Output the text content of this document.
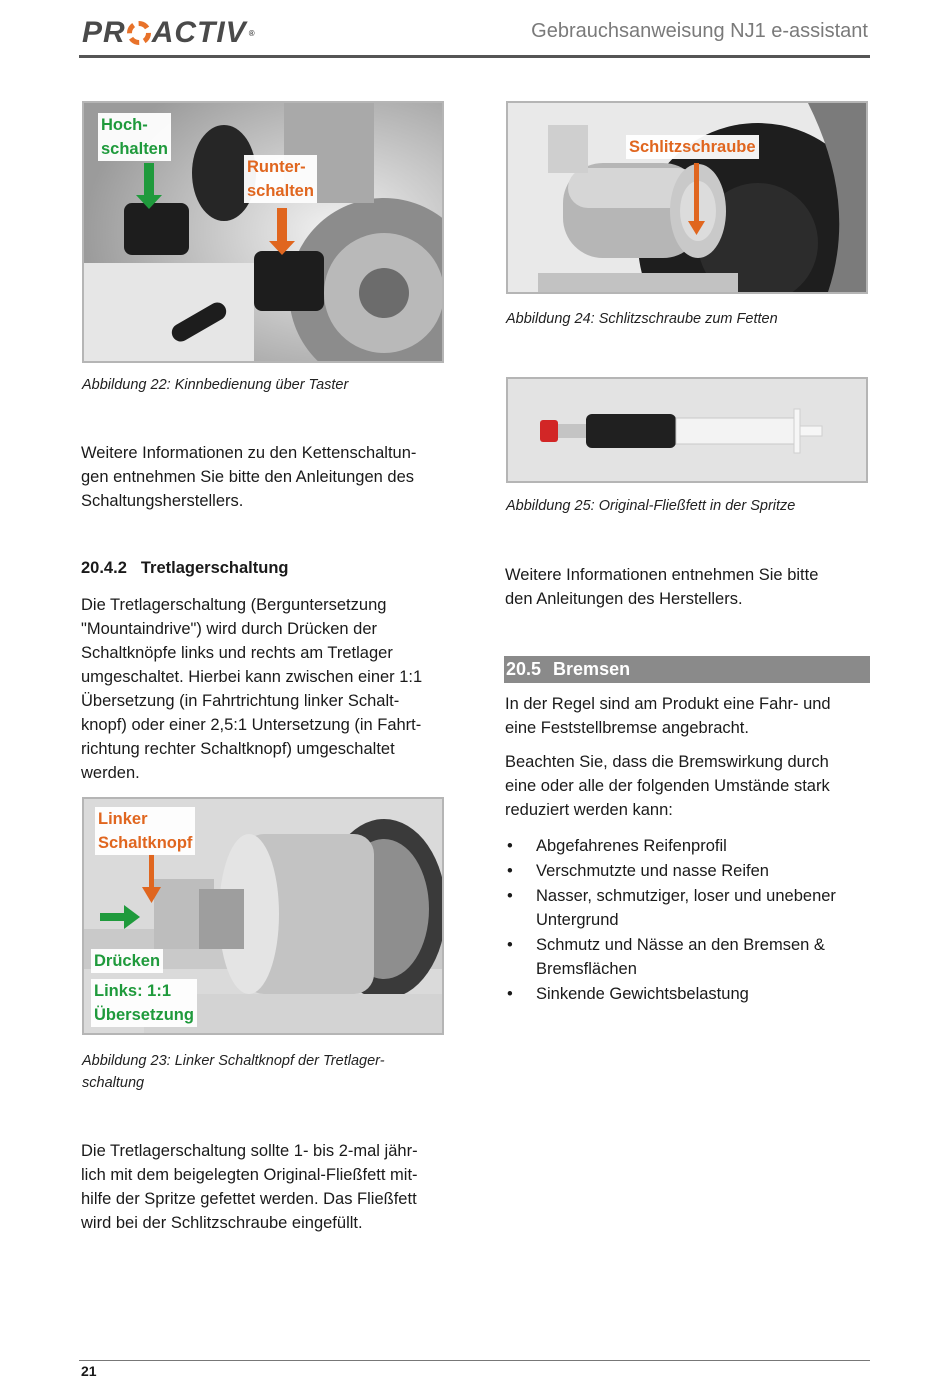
PR ACTIV ®	Gebrauchsanweisung NJ1 e-assistant
Hoch-
schalten
Runter-
schalten
Abbildung 22: Kinnbedienung über Taster
Schlitzschraube
Abbildung 24: Schlitzschraube zum Fetten
Abbildung 25: Original-Fließfett in der Spritze
Weitere Informationen zu den Kettenschaltun-
gen entnehmen Sie bitte den Anleitungen des
Schaltungsherstellers.
20.4.2 Tretlagerschaltung
Die Tretlagerschaltung (Berguntersetzung
"Mountaindrive") wird durch Drücken der
Schaltknöpfe links und rechts am Tretlager
umgeschaltet. Hierbei kann zwischen einer 1:1
Übersetzung (in Fahrtrichtung linker Schalt-
knopf) oder einer 2,5:1 Untersetzung (in Fahrt-
richtung rechter Schaltknopf) umgeschaltet
werden.
Linker
Schaltknopf
Drücken
Links: 1:1
Übersetzung
Abbildung 23: Linker Schaltknopf der Tretlager-
schaltung
Die Tretlagerschaltung sollte 1- bis 2-mal jähr-
lich mit dem beigelegten Original-Fließfett mit-
hilfe der Spritze gefettet werden. Das Fließfett
wird bei der Schlitzschraube eingefüllt.
Weitere Informationen entnehmen Sie bitte
den Anleitungen des Herstellers.
20.5 Bremsen
In der Regel sind am Produkt eine Fahr- und
eine Feststellbremse angebracht.
Beachten Sie, dass die Bremswirkung durch
eine oder alle der folgenden Umstände stark
reduziert werden kann:
• Abgefahrenes Reifenprofil
• Verschmutzte und nasse Reifen
• Nasser, schmutziger, loser und unebener
Untergrund
• Schmutz und Nässe an den Bremsen &
Bremsflächen
• Sinkende Gewichtsbelastung
21
